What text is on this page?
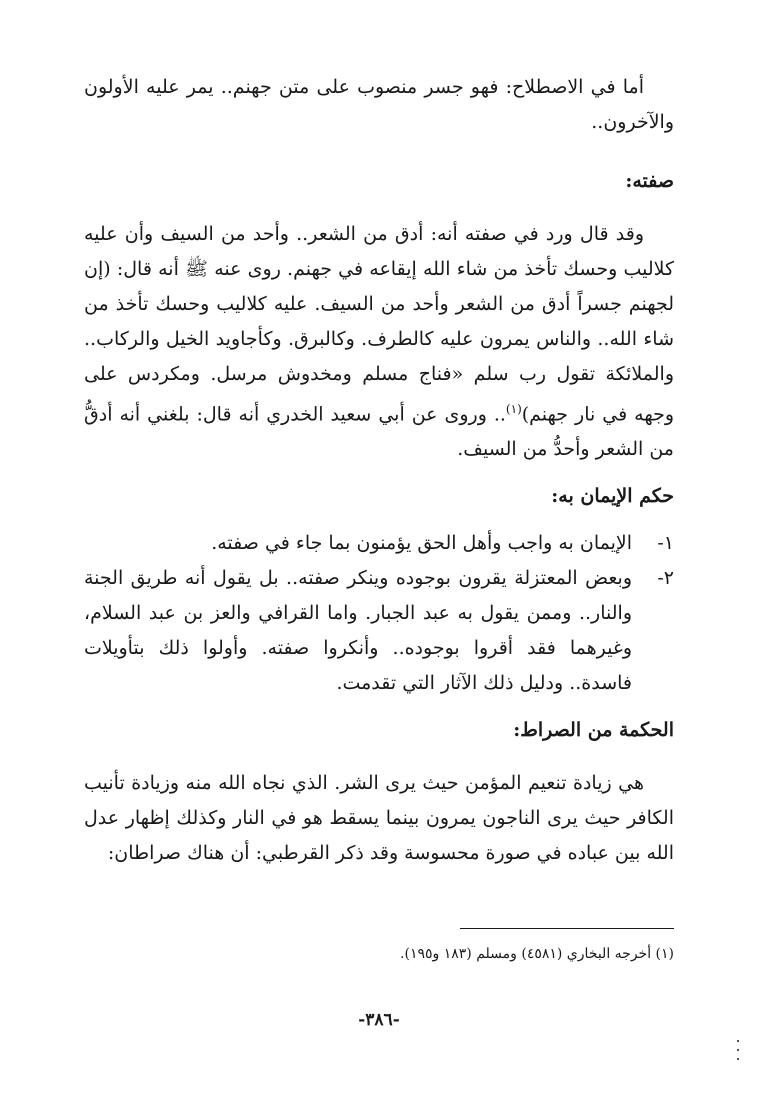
أما في الاصطلاح: فهو جسر منصوب على متن جهنم.. يمر عليه الأولون والآخرون..

صفته:

وقد قال ورد في صفته أنه: أدق من الشعر.. وأحد من السيف وأن عليه كلاليب وحسك تأخذ من شاء الله إيقاعه في جهنم. روى عنه ﷺ أنه قال: (إن لجهنم جسراً أدق من الشعر وأحد من السيف. عليه كلاليب وحسك تأخذ من شاء الله.. والناس يمرون عليه كالطرف. وكالبرق. وكأجاويد الخيل والركاب.. والملائكة تقول رب سلم «فناج مسلم ومخدوش مرسل. ومكردس على وجهه في نار جهنم)$^{(١)}$.. وروى عن أبي سعيد الخدري أنه قال: بلغني أنه أدقُّ من الشعر وأحدُّ من السيف.

حكم الإيمان به:
١-
الإيمان به واجب وأهل الحق يؤمنون بما جاء في صفته.
٢-
وبعض المعتزلة يقرون بوجوده وينكر صفته.. بل يقول أنه طريق الجنة والنار.. وممن يقول به عبد الجبار. واما القرافي والعز بن عبد السلام، وغيرهما فقد أقروا بوجوده.. وأنكروا صفته. وأولوا ذلك بتأويلات فاسدة.. ودليل ذلك الآثار التي تقدمت.
الحكمة من الصراط:

هي زيادة تنعيم المؤمن حيث يرى الشر. الذي نجاه الله منه وزيادة تأنيب الكافر حيث يرى الناجون يمرون بينما يسقط هو في النار وكذلك إظهار عدل الله بين عباده في صورة محسوسة وقد ذكر القرطبي: أن هناك صراطان:

(١) أخرجه البخاري (٤٥٨١) ومسلم (١٨٣ و١٩٥).

-٣٨٦-
